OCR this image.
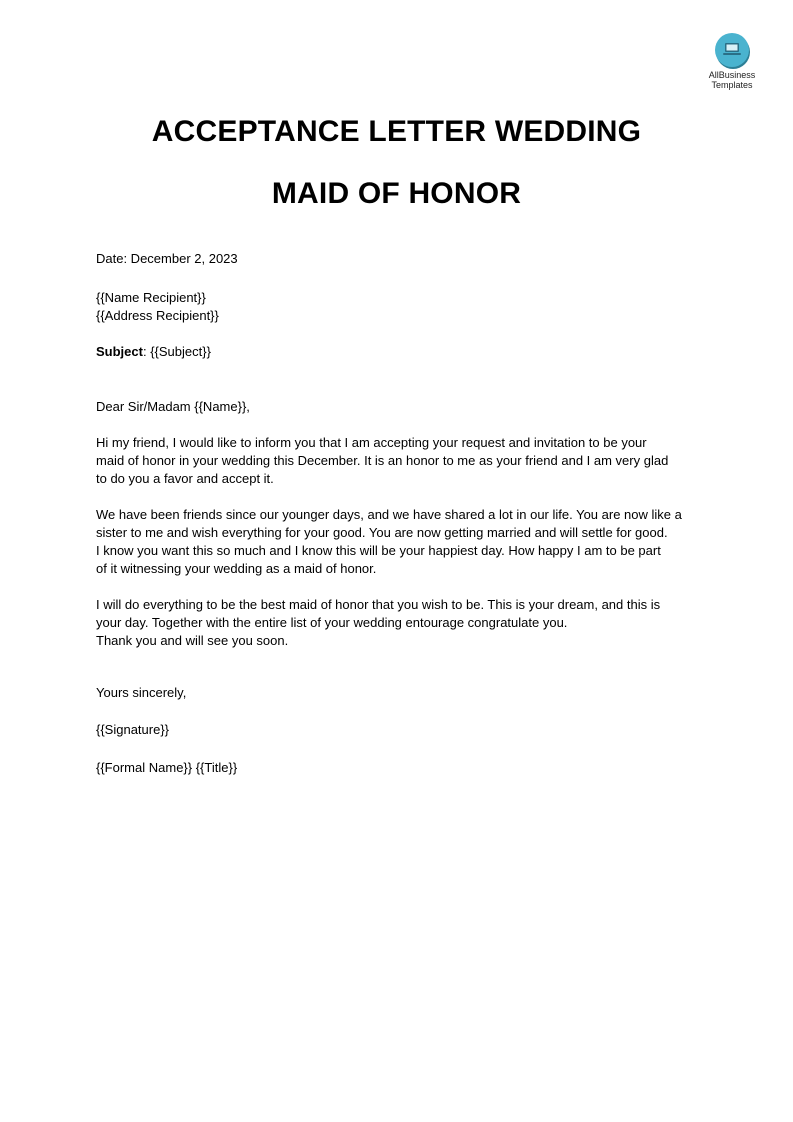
AllBusiness
Templates
ACCEPTANCE LETTER WEDDING
MAID OF HONOR
Date: December 2, 2023
{{Name Recipient}}
{{Address Recipient}}
Subject: {{Subject}}
Dear Sir/Madam {{Name}},
Hi my friend, I would like to inform you that I am accepting your request and invitation to be your
maid of honor in your wedding this December. It is an honor to me as your friend and I am very glad
to do you a favor and accept it.
We have been friends since our younger days, and we have shared a lot in our life. You are now like a
sister to me and wish everything for your good. You are now getting married and will settle for good.
I know you want this so much and I know this will be your happiest day. How happy I am to be part
of it witnessing your wedding as a maid of honor.
I will do everything to be the best maid of honor that you wish to be. This is your dream, and this is
your day. Together with the entire list of your wedding entourage congratulate you.
Thank you and will see you soon.
Yours sincerely,
{{Signature}}
{{Formal Name}} {{Title}}
